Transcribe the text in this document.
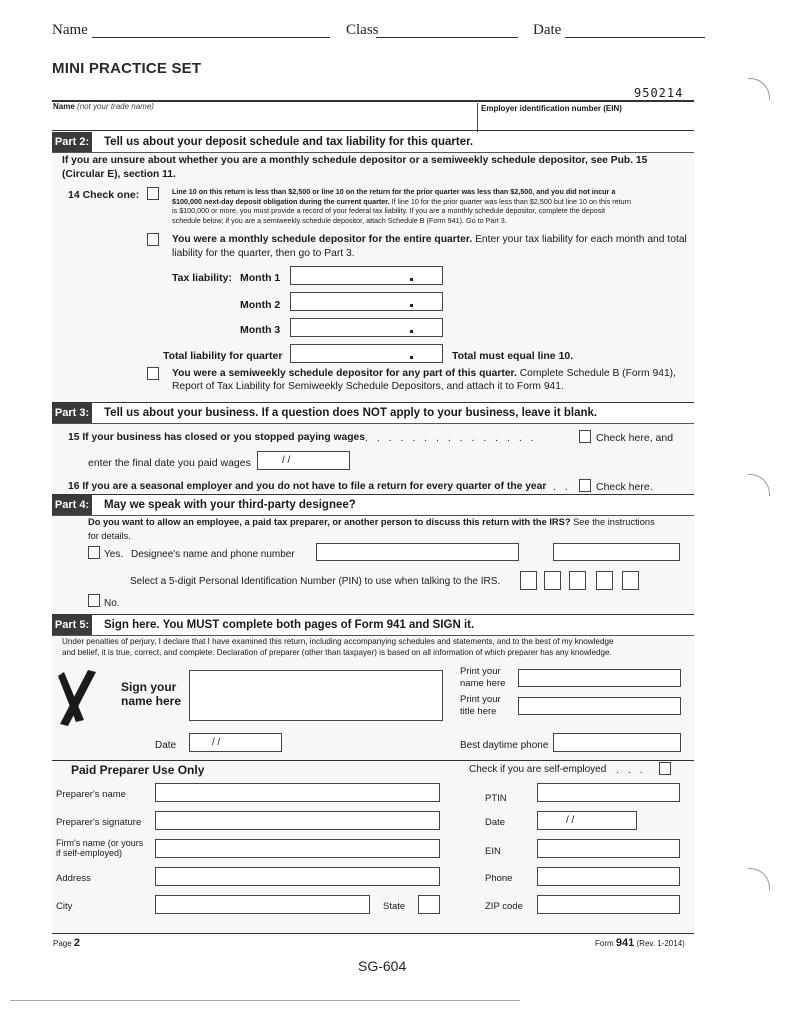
Name	Class	Date
MINI PRACTICE SET
950214
Name (not your trade name)	Employer identification number (EIN)
Part 2:	Tell us about your deposit schedule and tax liability for this quarter.
If you are unsure about whether you are a monthly schedule depositor or a semiweekly schedule depositor, see Pub. 15
(Circular E), section 11.
14 Check one:	Line 10 on this return is less than $2,500 or line 10 on the return for the prior quarter was less than $2,500, and you did not incur a
$100,000 next-day deposit obligation during the current quarter. If line 10 for the prior quarter was less than $2,500 but line 10 on this return
is $100,000 or more, you must provide a record of your federal tax liability. If you are a monthly schedule depositor, complete the deposit
schedule below; if you are a semiweekly schedule depositor, attach Schedule B (Form 941). Go to Part 3.
You were a monthly schedule depositor for the entire quarter. Enter your tax liability for each month and total
liability for the quarter, then go to Part 3.
Tax liability: Month 1
Month 2
Month 3
Total liability for quarter	Total must equal line 10.
You were a semiweekly schedule depositor for any part of this quarter. Complete Schedule B (Form 941),
Report of Tax Liability for Semiweekly Schedule Depositors, and attach it to Form 941.
Part 3:	Tell us about your business. If a question does NOT apply to your business, leave it blank.
15 If your business has closed or you stopped paying wages . . . . . . . . . . . . . . .	Check here, and
enter the final date you paid wages	/ /
16 If you are a seasonal employer and you do not have to file a return for every quarter of the year . . Check here.
Part 4:	May we speak with your third-party designee?
Do you want to allow an employee, a paid tax preparer, or another person to discuss this return with the IRS? See the instructions
for details.
Yes. Designee's name and phone number
Select a 5-digit Personal Identification Number (PIN) to use when talking to the IRS.
No.
Part 5:	Sign here. You MUST complete both pages of Form 941 and SIGN it.
Under penalties of perjury, I declare that I have examined this return, including accompanying schedules and statements, and to the best of my knowledge
and belief, it is true, correct, and complete. Declaration of preparer (other than taxpayer) is based on all information of which preparer has any knowledge.
Sign your
name here
Print your
name here
Print your
title here
Date	/ /	Best daytime phone
Paid Preparer Use Only	Check if you are self-employed . . .
Preparer's name	PTIN
Preparer's signature	Date	/ /
Firm's name (or yours
if self-employed)	EIN
Address	Phone
City	State	ZIP code
Page 2	Form 941 (Rev. 1-2014)
SG-604
